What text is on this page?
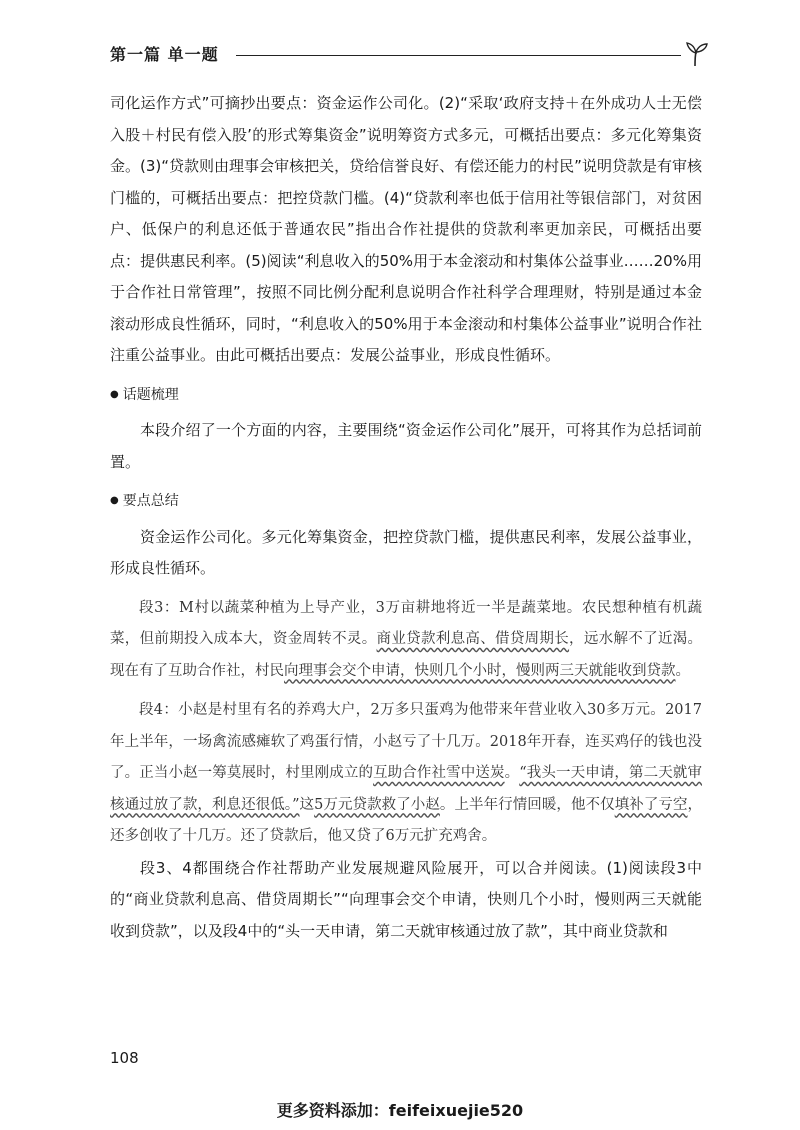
第一篇 单一题

司化运作方式”可摘抄出要点：资金运作公司化。(2)“采取‘政府支持＋在外成功人士无偿入股＋村民有偿入股’的形式筹集资金”说明筹资方式多元，可概括出要点：多元化筹集资金。(3)“贷款则由理事会审核把关，贷给信誉良好、有偿还能力的村民”说明贷款是有审核门槛的，可概括出要点：把控贷款门槛。(4)“贷款利率也低于信用社等银信部门，对贫困户、低保户的利息还低于普通农民”指出合作社提供的贷款利率更加亲民，可概括出要点：提供惠民利率。(5)阅读“利息收入的50%用于本金滚动和村集体公益事业……20%用于合作社日常管理”，按照不同比例分配利息说明合作社科学合理理财，特别是通过本金滚动形成良性循环，同时，“利息收入的50%用于本金滚动和村集体公益事业”说明合作社注重公益事业。由此可概括出要点：发展公益事业，形成良性循环。

● 话题梳理

本段介绍了一个方面的内容，主要围绕“资金运作公司化”展开，可将其作为总括词前置。

● 要点总结

资金运作公司化。多元化筹集资金，把控贷款门槛，提供惠民利率，发展公益事业，形成良性循环。

段3：M村以蔬菜种植为上导产业，3万亩耕地将近一半是蔬菜地。农民想种植有机蔬菜，但前期投入成本大，资金周转不灵。商业贷款利息高、借贷周期长，远水解不了近渴。现在有了互助合作社，村民向理事会交个申请，快则几个小时，慢则两三天就能收到贷款。

段4：小赵是村里有名的养鸡大户，2万多只蛋鸡为他带来年营业收入30多万元。2017年上半年，一场禽流感瘫软了鸡蛋行情，小赵亏了十几万。2018年开春，连买鸡仔的钱也没了。正当小赵一筹莫展时，村里刚成立的互助合作社雪中送炭。“我头一天申请，第二天就审核通过放了款，利息还很低。”这5万元贷款救了小赵。上半年行情回暖，他不仅填补了亏空，还多创收了十几万。还了贷款后，他又贷了6万元扩充鸡舍。

段3、4都围绕合作社帮助产业发展规避风险展开，可以合并阅读。(1)阅读段3中的“商业贷款利息高、借贷周期长”“向理事会交个申请，快则几个小时，慢则两三天就能收到贷款”，以及段4中的“头一天申请，第二天就审核通过放了款”，其中商业贷款和

108
更多资料添加：feifeixuejie520
